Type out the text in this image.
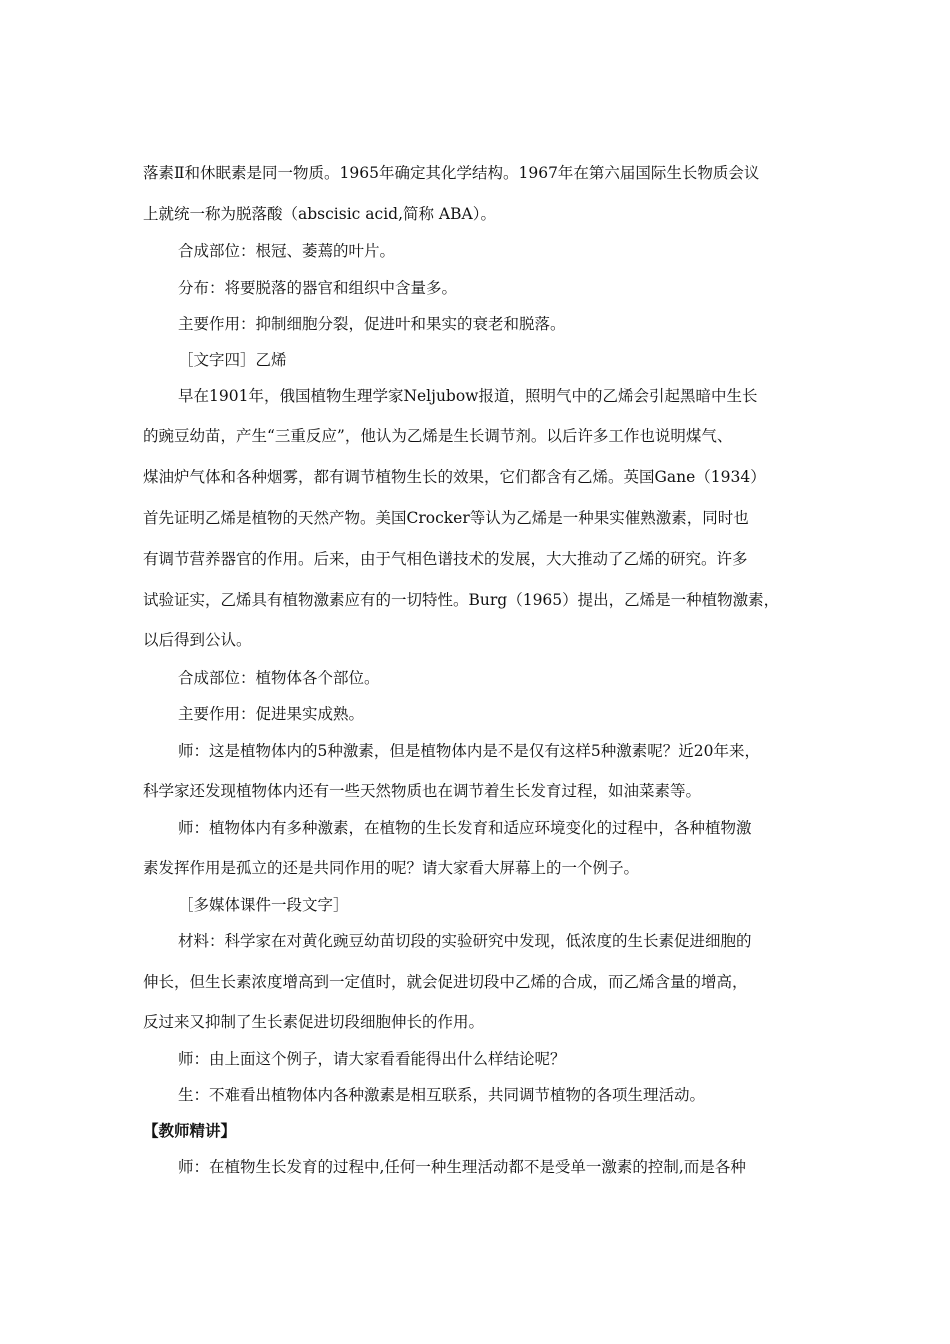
落素Ⅱ和休眠素是同一物质。1965年确定其化学结构。1967年在第六届国际生长物质会议
上就统一称为脱落酸（abscisic acid,简称 ABA）。
合成部位：根冠、萎蔫的叶片。
分布：将要脱落的器官和组织中含量多。
主要作用：抑制细胞分裂，促进叶和果实的衰老和脱落。
［文字四］乙烯
早在1901年，俄国植物生理学家Neljubow报道，照明气中的乙烯会引起黑暗中生长
的豌豆幼苗，产生“三重反应”，他认为乙烯是生长调节剂。以后许多工作也说明煤气、
煤油炉气体和各种烟雾，都有调节植物生长的效果，它们都含有乙烯。英国Gane（1934）
首先证明乙烯是植物的天然产物。美国Crocker等认为乙烯是一种果实催熟激素，同时也
有调节营养器官的作用。后来，由于气相色谱技术的发展，大大推动了乙烯的研究。许多
试验证实，乙烯具有植物激素应有的一切特性。Burg（1965）提出，乙烯是一种植物激素，
以后得到公认。
合成部位：植物体各个部位。
主要作用：促进果实成熟。
师：这是植物体内的5种激素，但是植物体内是不是仅有这样5种激素呢？近20年来，
科学家还发现植物体内还有一些天然物质也在调节着生长发育过程，如油菜素等。
师：植物体内有多种激素，在植物的生长发育和适应环境变化的过程中，各种植物激
素发挥作用是孤立的还是共同作用的呢？请大家看大屏幕上的一个例子。
［多媒体课件一段文字］
材料：科学家在对黄化豌豆幼苗切段的实验研究中发现，低浓度的生长素促进细胞的
伸长，但生长素浓度增高到一定值时，就会促进切段中乙烯的合成，而乙烯含量的增高，
反过来又抑制了生长素促进切段细胞伸长的作用。
师：由上面这个例子，请大家看看能得出什么样结论呢？
生：不难看出植物体内各种激素是相互联系，共同调节植物的各项生理活动。
【教师精讲】
师：在植物生长发育的过程中,任何一种生理活动都不是受单一激素的控制,而是各种
